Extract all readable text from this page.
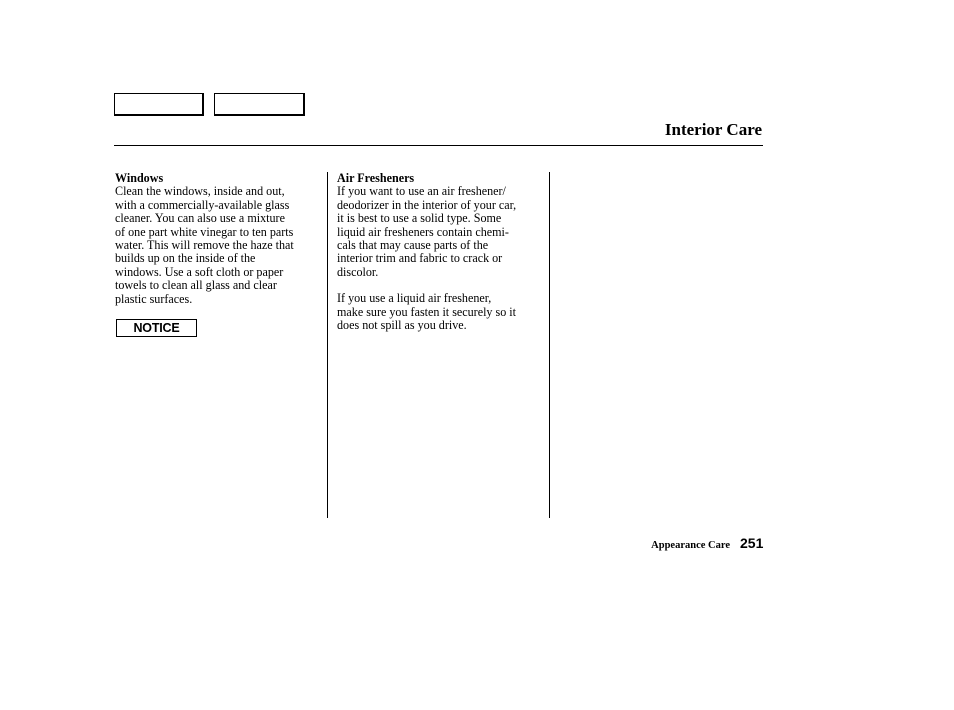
Interior Care
Windows

Clean the windows, inside and out,
with a commercially-available glass
cleaner. You can also use a mixture
of one part white vinegar to ten parts
water. This will remove the haze that
builds up on the inside of the
windows. Use a soft cloth or paper
towels to clean all glass and clear
plastic surfaces.

NOTICE
Air Fresheners

If you want to use an air freshener/
deodorizer in the interior of your car,
it is best to use a solid type. Some
liquid air fresheners contain chemi-
cals that may cause parts of the
interior trim and fabric to crack or
discolor.

If you use a liquid air freshener,
make sure you fasten it securely so it
does not spill as you drive.

Appearance Care 251
